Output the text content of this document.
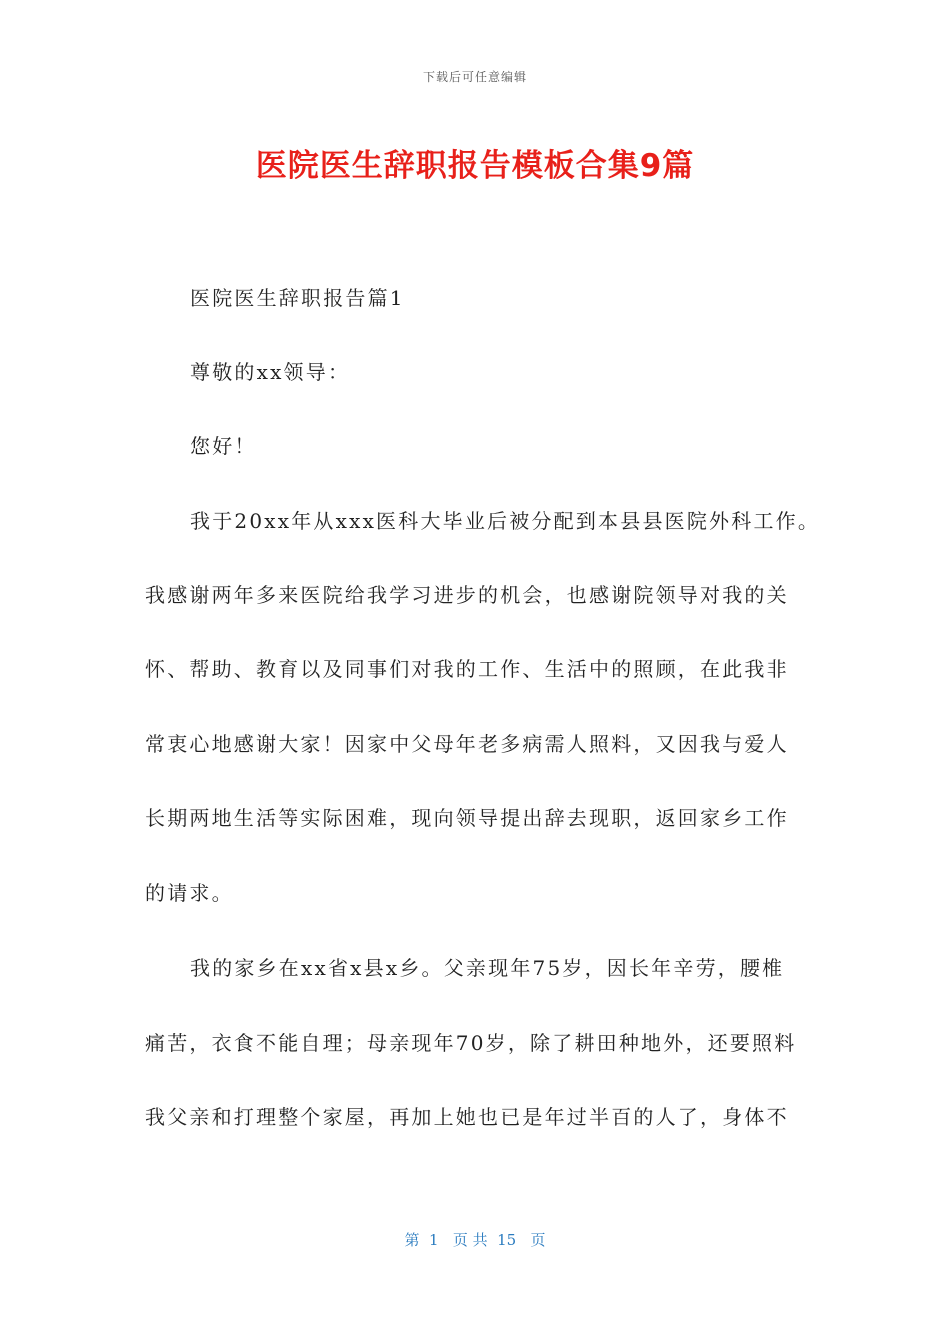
下载后可任意编辑
医院医生辞职报告模板合集9篇
医院医生辞职报告篇1
尊敬的xx领导：
您好！
我于20xx年从xxx医科大毕业后被分配到本县县医院外科工作。
我感谢两年多来医院给我学习进步的机会，也感谢院领导对我的关
怀、帮助、教育以及同事们对我的工作、生活中的照顾，在此我非
常衷心地感谢大家！因家中父母年老多病需人照料，又因我与爱人
长期两地生活等实际困难，现向领导提出辞去现职，返回家乡工作
的请求。
我的家乡在xx省x县x乡。父亲现年75岁，因长年辛劳，腰椎
痛苦，衣食不能自理；母亲现年70岁，除了耕田种地外，还要照料
我父亲和打理整个家屋，再加上她也已是年过半百的人了，身体不
第  1   页 共  15   页
